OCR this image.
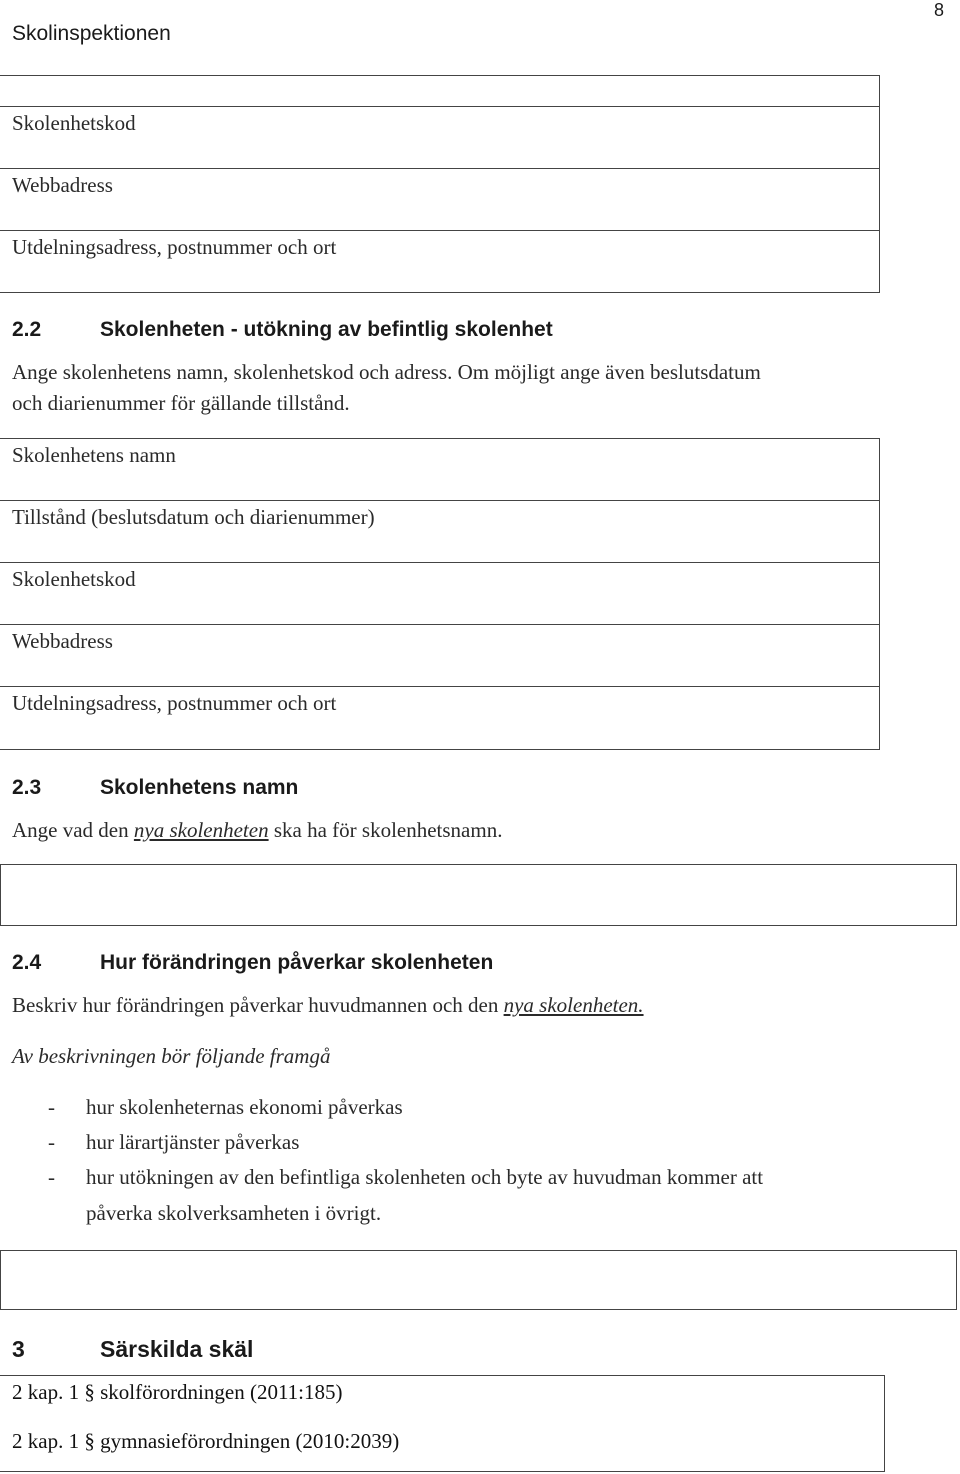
Skolinspektionen
8
Skolenhetskod
Webbadress
Utdelningsadress, postnummer och ort
2.2	Skolenheten - utökning av befintlig skolenhet
Ange skolenhetens namn, skolenhetskod och adress. Om möjligt ange även beslutsdatum
och diarienummer för gällande tillstånd.
Skolenhetens namn
Tillstånd (beslutsdatum och diarienummer)
Skolenhetskod
Webbadress
Utdelningsadress, postnummer och ort
2.3	Skolenhetens namn
Ange vad den nya skolenheten ska ha för skolenhetsnamn.
2.4	Hur förändringen påverkar skolenheten
Beskriv hur förändringen påverkar huvudmannen och den nya skolenheten.
Av beskrivningen bör följande framgå
- hur skolenheternas ekonomi påverkas
- hur lärartjänster påverkas
- hur utökningen av den befintliga skolenheten och byte av huvudman kommer att
påverka skolverksamheten i övrigt.
3	Särskilda skäl
2 kap. 1 § skolförordningen (2011:185)
2 kap. 1 § gymnasieförordningen (2010:2039)
